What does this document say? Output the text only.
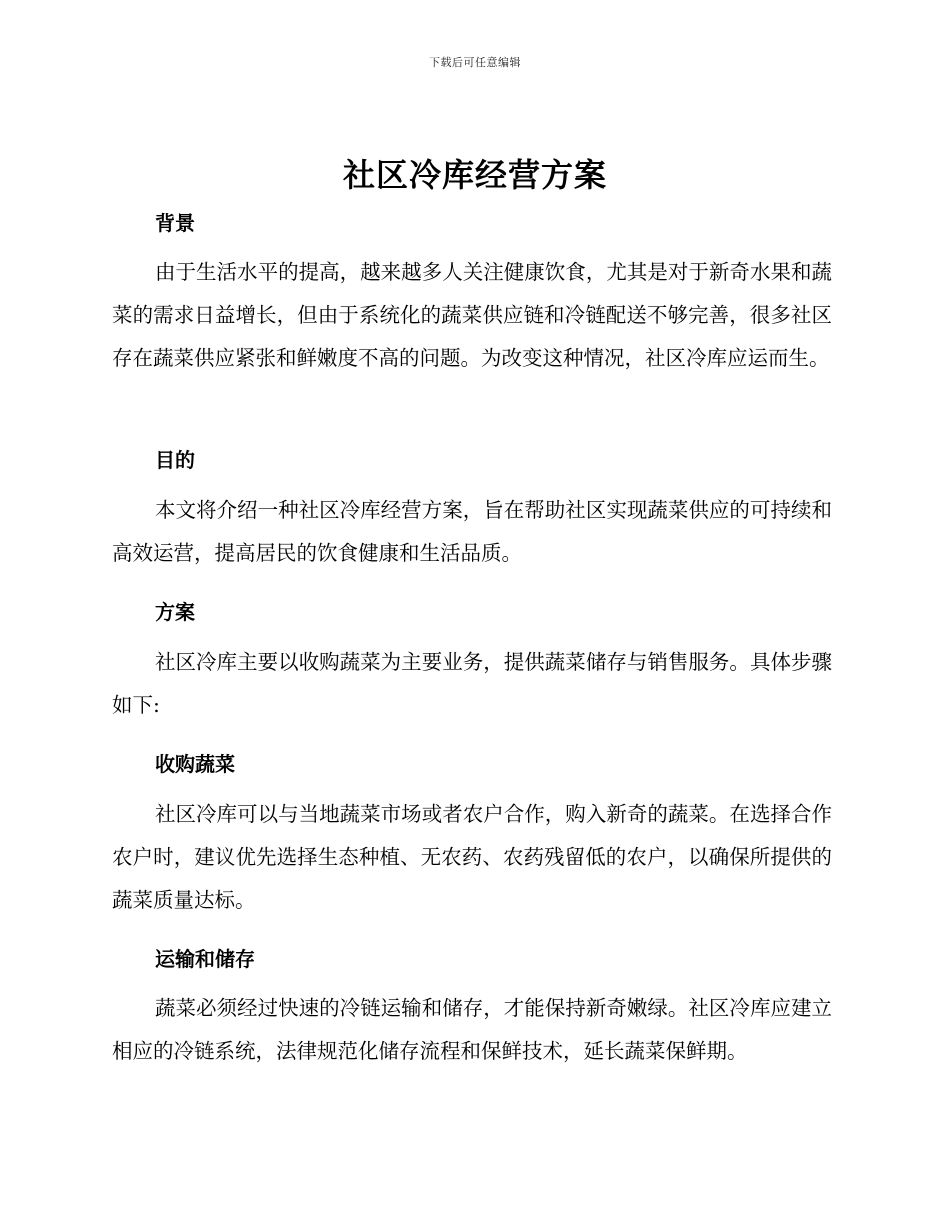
下载后可任意编辑
社区冷库经营方案
背景

由于生活水平的提高，越来越多人关注健康饮食，尤其是对于新奇水果和蔬菜的需求日益增长，但由于系统化的蔬菜供应链和冷链配送不够完善，很多社区存在蔬菜供应紧张和鲜嫩度不高的问题。为改变这种情况，社区冷库应运而生。

目的

本文将介绍一种社区冷库经营方案，旨在帮助社区实现蔬菜供应的可持续和高效运营，提高居民的饮食健康和生活品质。

方案

社区冷库主要以收购蔬菜为主要业务，提供蔬菜储存与销售服务。具体步骤如下:

收购蔬菜

社区冷库可以与当地蔬菜市场或者农户合作，购入新奇的蔬菜。在选择合作农户时，建议优先选择生态种植、无农药、农药残留低的农户，以确保所提供的蔬菜质量达标。

运输和储存

蔬菜必须经过快速的冷链运输和储存，才能保持新奇嫩绿。社区冷库应建立相应的冷链系统，法律规范化储存流程和保鲜技术，延长蔬菜保鲜期。
